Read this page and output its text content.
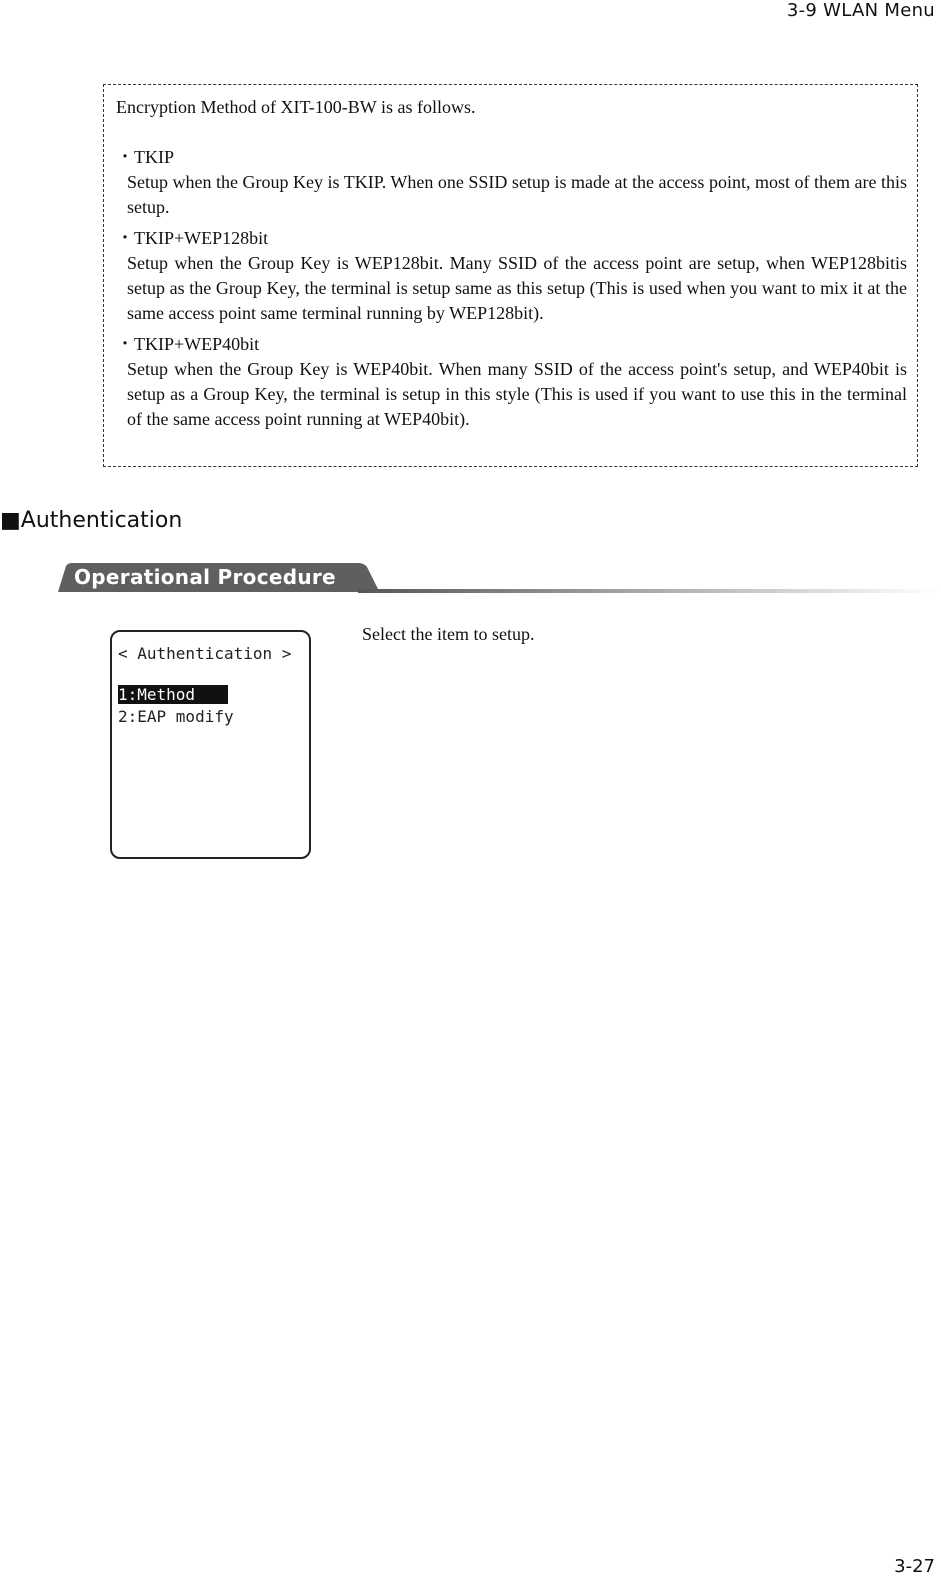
3-9 WLAN Menu

Encryption Method of XIT-100-BW is as follows.

・TKIP
Setup when the Group Key is TKIP. When one SSID setup is made at the access point, most of them are this setup.
・TKIP+WEP128bit
Setup when the Group Key is WEP128bit. Many SSID of the access point are setup, when WEP128bitis setup as the Group Key, the terminal is setup same as this setup (This is used when you want to mix it at the same access point same terminal running by WEP128bit).
・TKIP+WEP40bit
Setup when the Group Key is WEP40bit. When many SSID of the access point's setup, and WEP40bit is setup as a Group Key, the terminal is setup in this style (This is used if you want to use this in the terminal of the same access point running at WEP40bit).
■Authentication
Operational Procedure
< Authentication >
1:Method
2:EAP modify
Select the item to setup.
3-27
